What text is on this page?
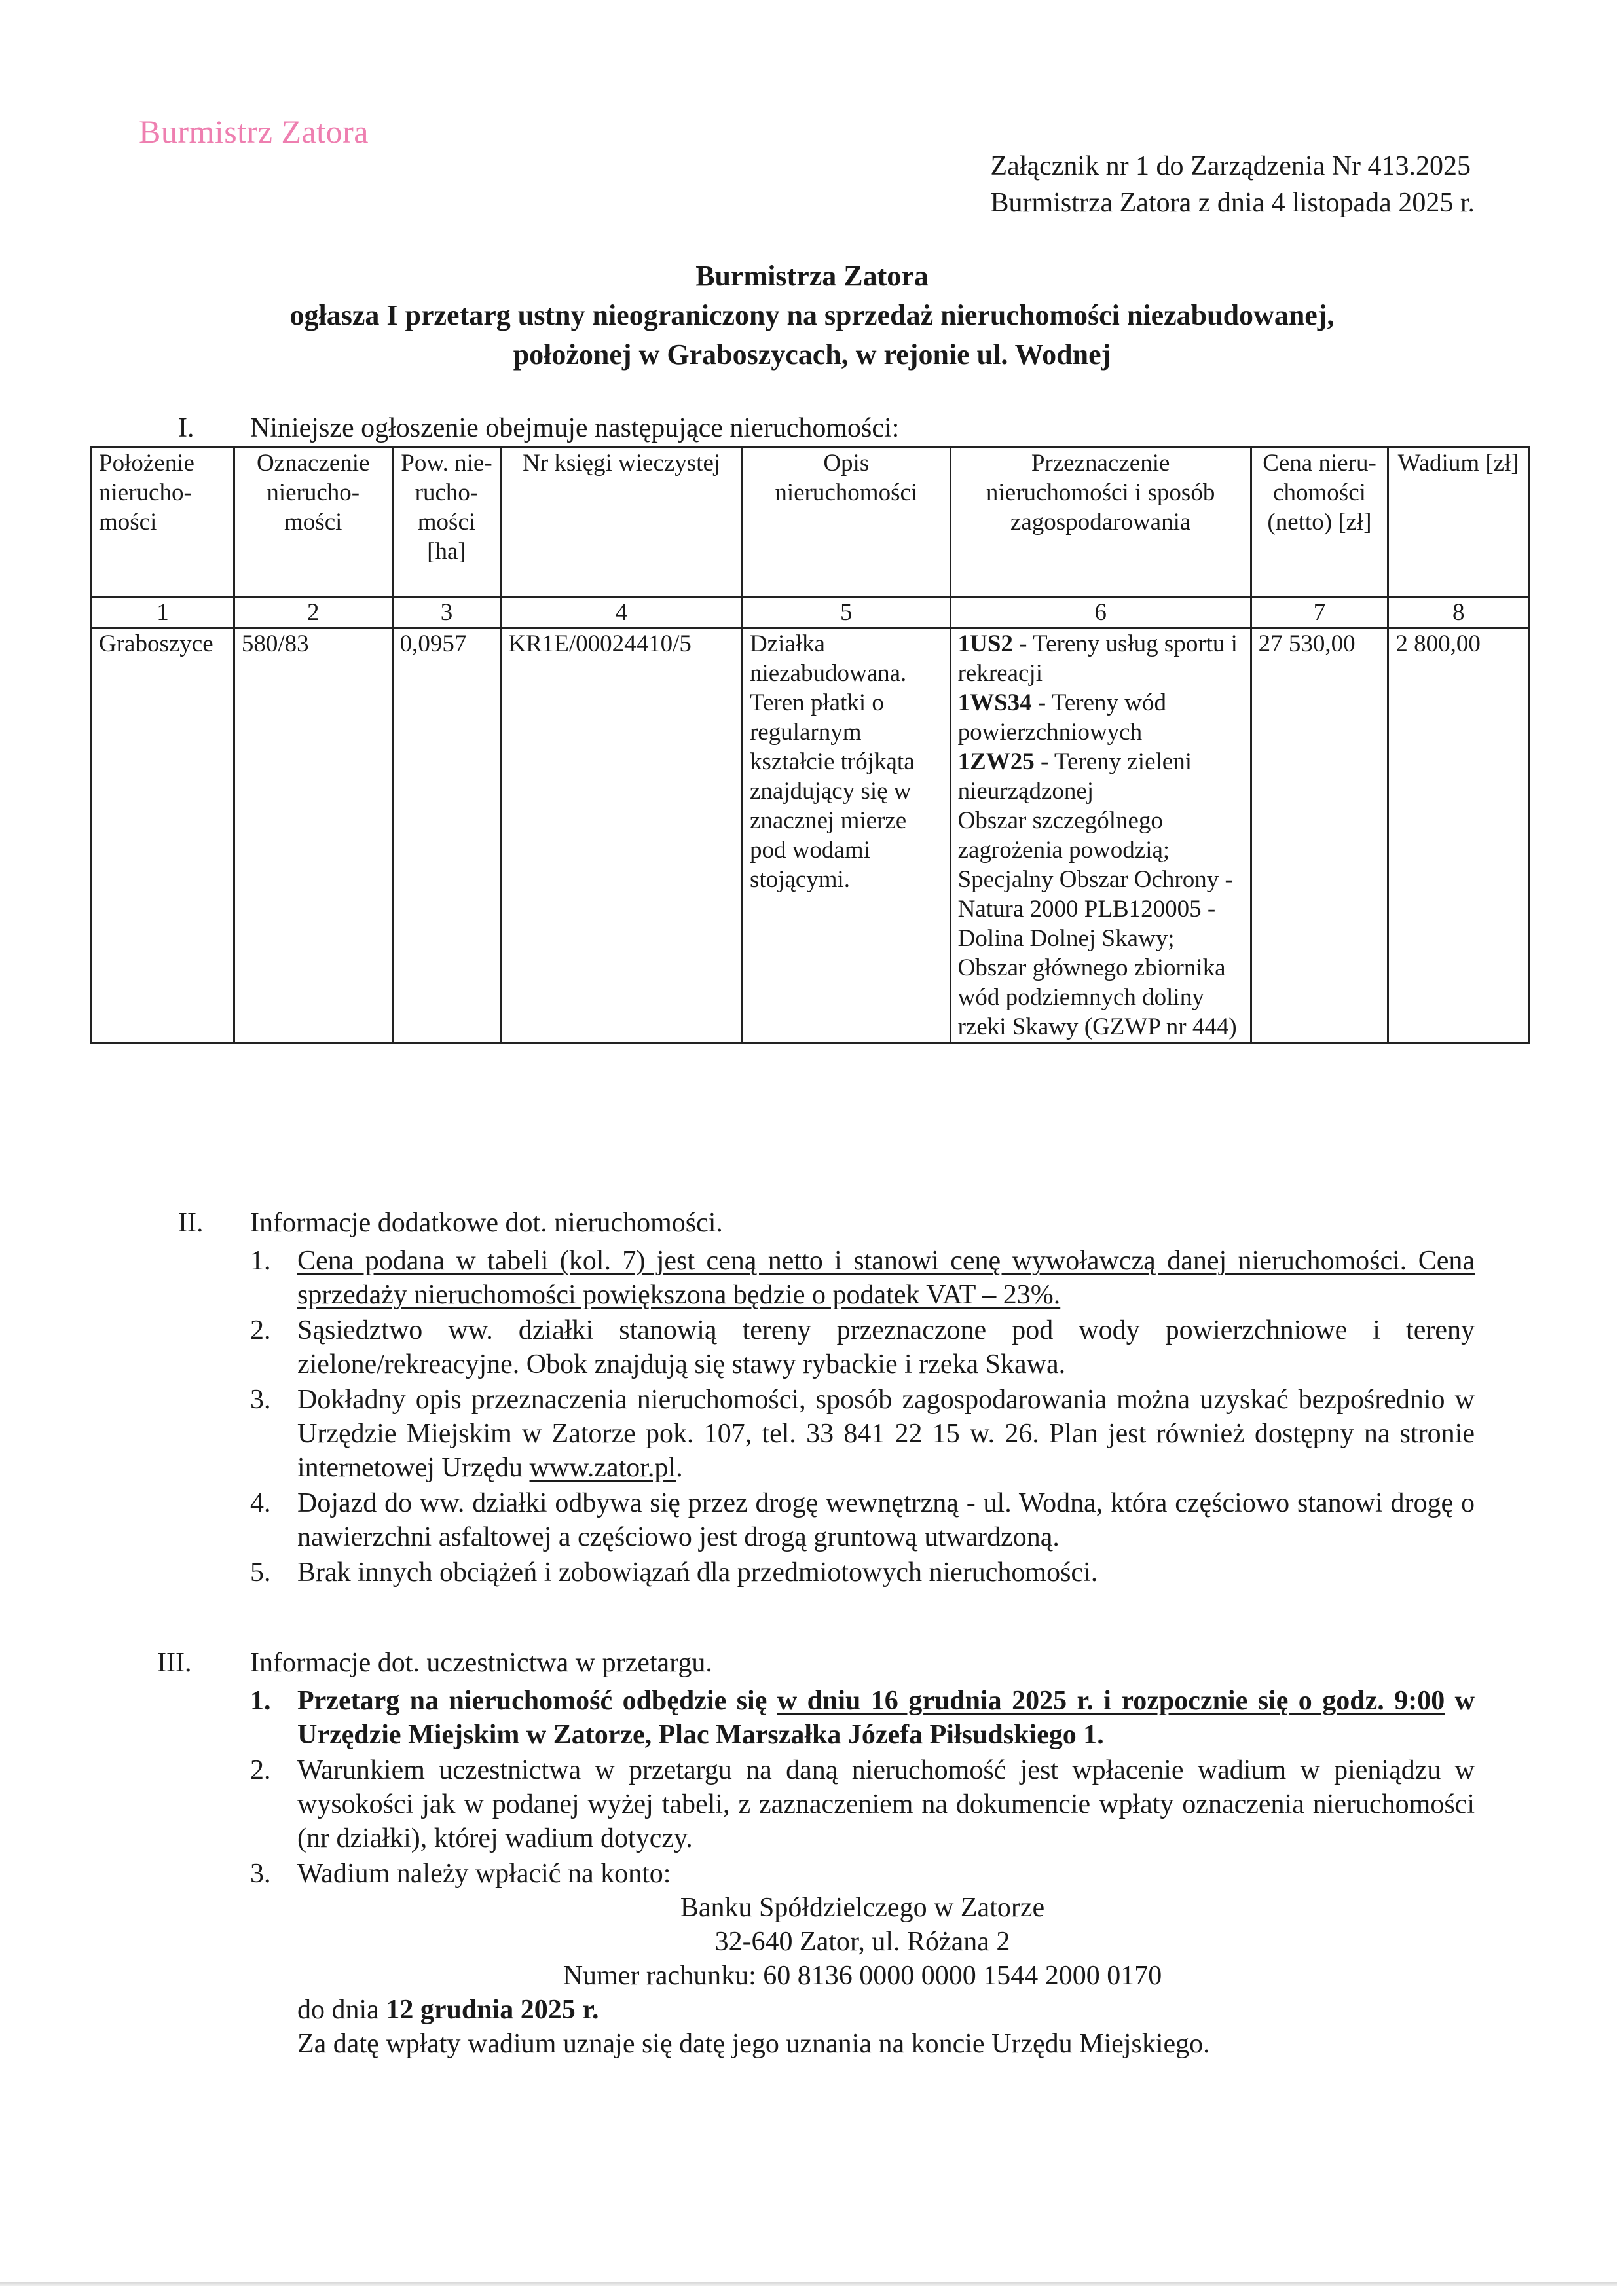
Burmistrz Zatora
Załącznik nr 1 do Zarządzenia Nr 413.2025
Burmistrza Zatora z dnia 4 listopada 2025 r.
Burmistrza Zatora
ogłasza I przetarg ustny nieograniczony na sprzedaż nieruchomości niezabudowanej,
położonej w Graboszycach, w rejonie ul. Wodnej
I. Niniejsze ogłoszenie obejmuje następujące nieruchomości:
Położenie nierucho-mości	Oznaczenie nierucho-mości	Pow. nie-rucho-mości [ha]	Nr księgi wieczystej	Opis nieruchomości	Przeznaczenie nieruchomości i sposób zagospodarowania	Cena nieru-chomości (netto) [zł]	Wadium [zł]
1	2	3	4	5	6	7	8
Graboszyce	580/83	0,0957	KR1E/00024410/5	Działka niezabudowana. Teren płatki o regularnym kształcie trójkąta znajdujący się w znacznej mierze pod wodami stojącymi.	1US2 - Tereny usług sportu i rekreacji
1WS34 - Tereny wód powierzchniowych
1ZW25 - Tereny zieleni nieurządzonej
Obszar szczególnego zagrożenia powodzią; Specjalny Obszar Ochrony - Natura 2000 PLB120005 - Dolina Dolnej Skawy; Obszar głównego zbiornika wód podziemnych doliny rzeki Skawy (GZWP nr 444)	27 530,00	2 800,00
II. Informacje dodatkowe dot. nieruchomości.
1. Cena podana w tabeli (kol. 7) jest ceną netto i stanowi cenę wywoławczą danej nieruchomości. Cena sprzedaży nieruchomości powiększona będzie o podatek VAT – 23%.
2. Sąsiedztwo ww. działki stanowią tereny przeznaczone pod wody powierzchniowe i tereny zielone/rekreacyjne. Obok znajdują się stawy rybackie i rzeka Skawa.
3. Dokładny opis przeznaczenia nieruchomości, sposób zagospodarowania można uzyskać bezpośrednio w Urzędzie Miejskim w Zatorze pok. 107, tel. 33 841 22 15 w. 26. Plan jest również dostępny na stronie internetowej Urzędu www.zator.pl.
4. Dojazd do ww. działki odbywa się przez drogę wewnętrzną - ul. Wodna, która częściowo stanowi drogę o nawierzchni asfaltowej a częściowo jest drogą gruntową utwardzoną.
5. Brak innych obciążeń i zobowiązań dla przedmiotowych nieruchomości.
III. Informacje dot. uczestnictwa w przetargu.
1. Przetarg na nieruchomość odbędzie się w dniu 16 grudnia 2025 r. i rozpocznie się o godz. 9:00 w Urzędzie Miejskim w Zatorze, Plac Marszałka Józefa Piłsudskiego 1.
2. Warunkiem uczestnictwa w przetargu na daną nieruchomość jest wpłacenie wadium w pieniądzu w wysokości jak w podanej wyżej tabeli, z zaznaczeniem na dokumencie wpłaty oznaczenia nieruchomości (nr działki), której wadium dotyczy.
3. Wadium należy wpłacić na konto:
Banku Spółdzielczego w Zatorze
32-640 Zator, ul. Różana 2
Numer rachunku: 60 8136 0000 0000 1544 2000 0170
do dnia 12 grudnia 2025 r.
Za datę wpłaty wadium uznaje się datę jego uznania na koncie Urzędu Miejskiego.
